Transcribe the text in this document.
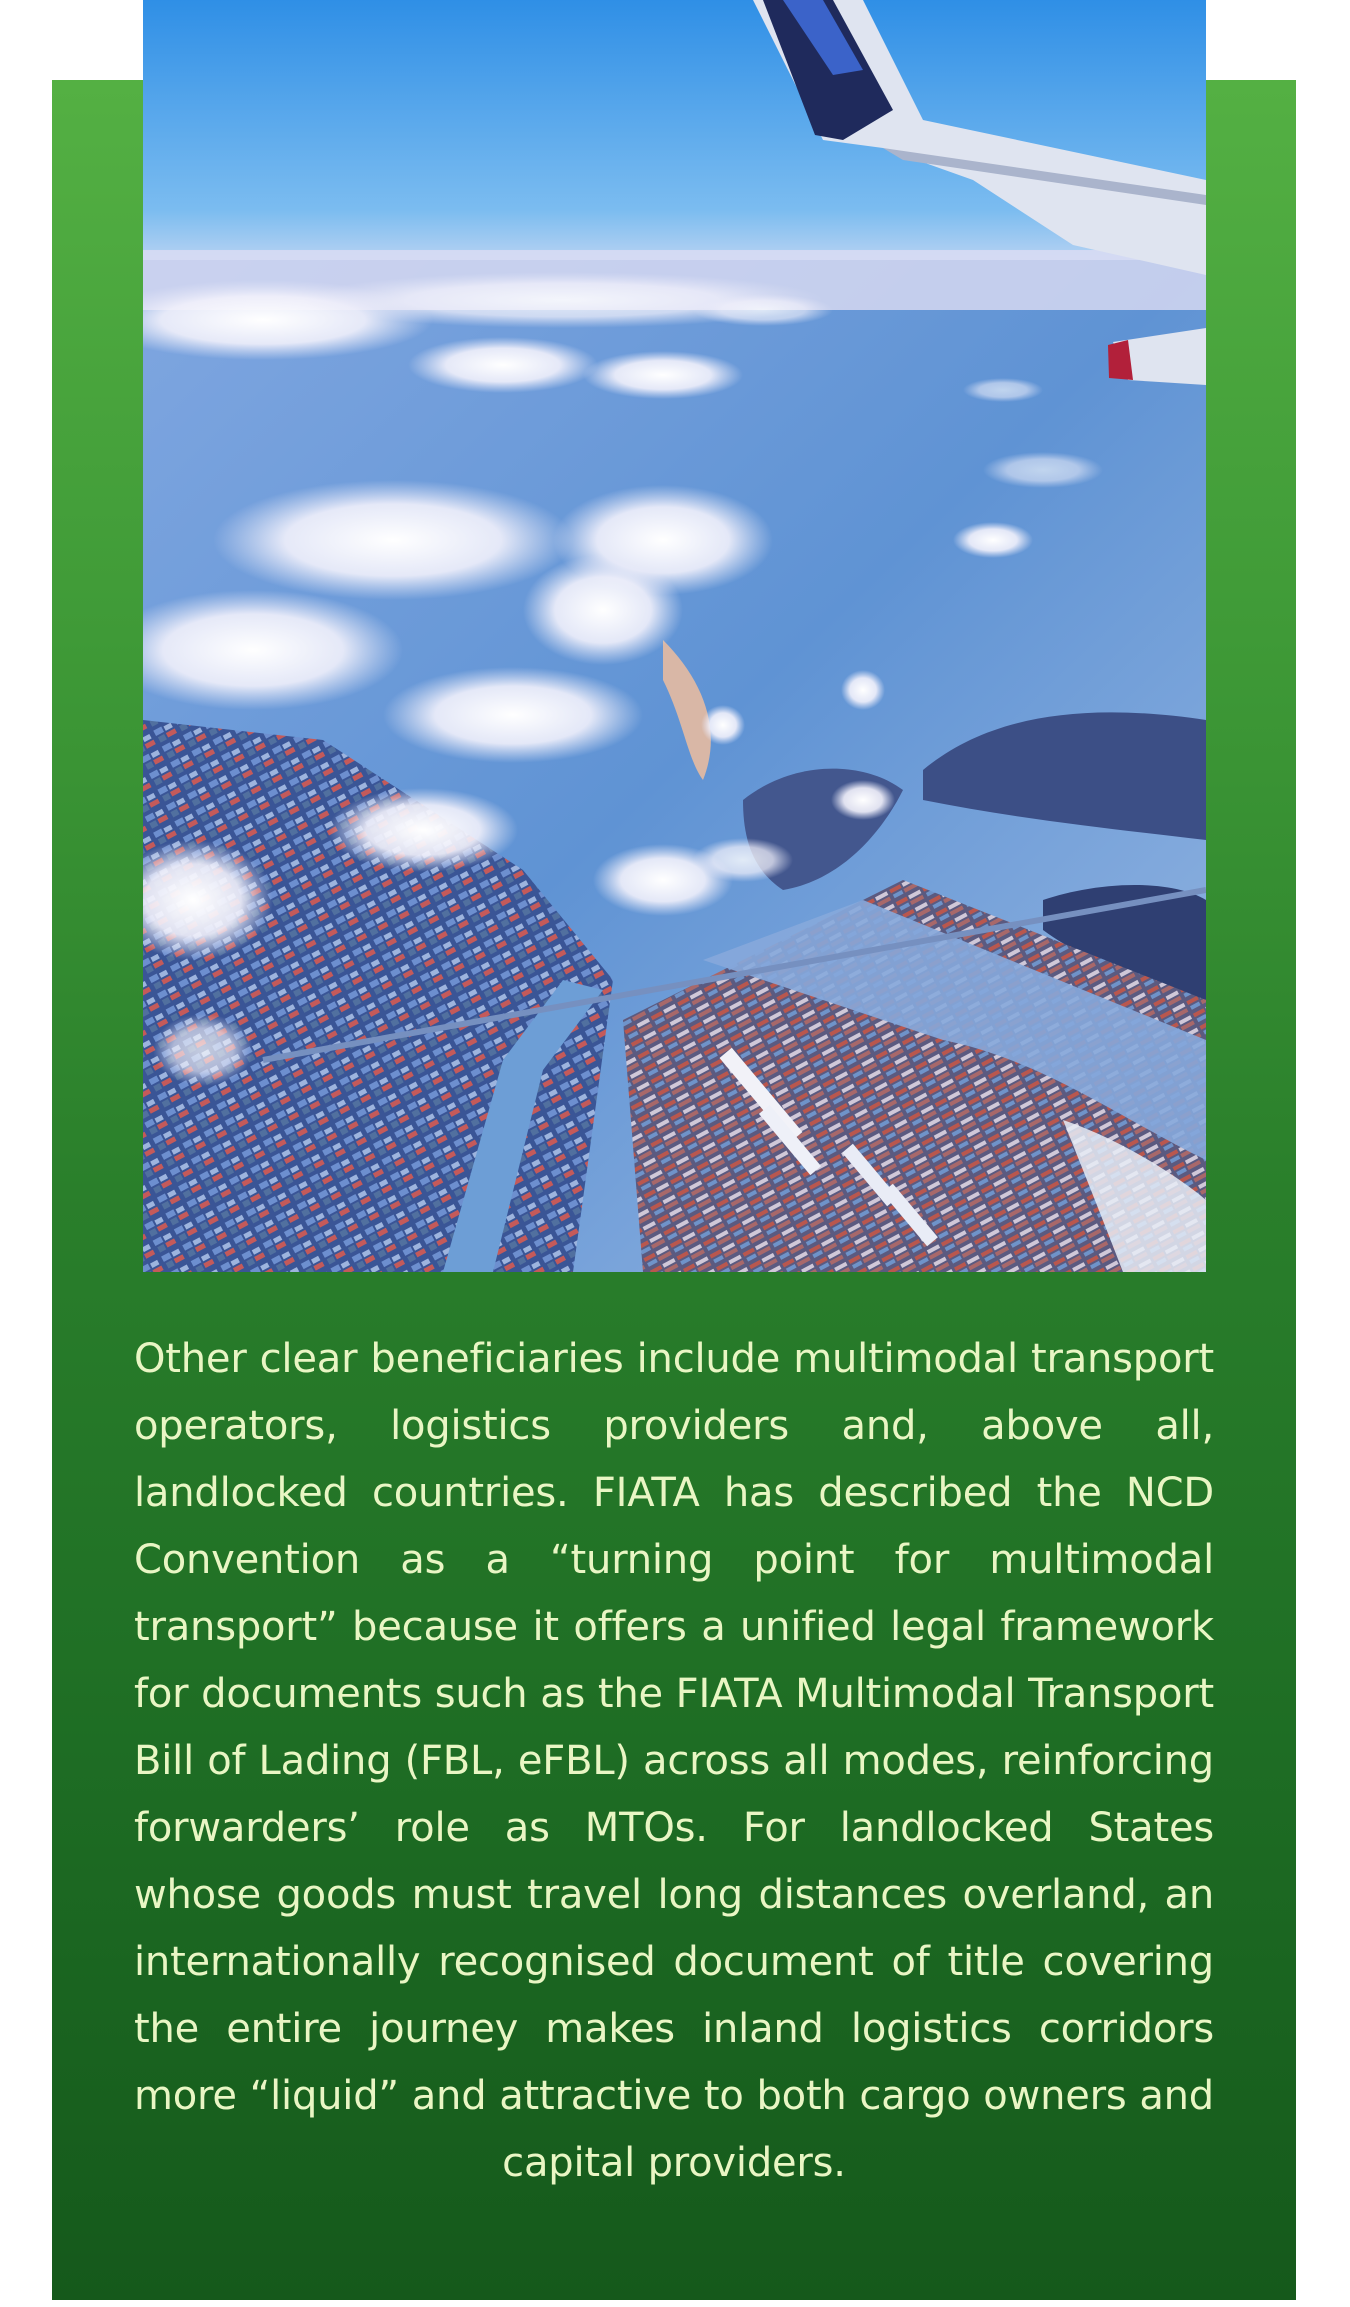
Other clear beneficiaries include multimodal transport operators, logistics providers and, above all, landlocked countries. FIATA has described the NCD Convention as a “turning point for multimodal transport” because it offers a unified legal framework for documents such as the FIATA Multimodal Transport Bill of Lading (FBL, eFBL) across all modes, reinforcing forwarders’ role as MTOs. For landlocked States whose goods must travel long distances overland, an internationally recognised document of title covering the entire journey makes inland logistics corridors more “liquid” and attractive to both cargo owners and capital providers.
